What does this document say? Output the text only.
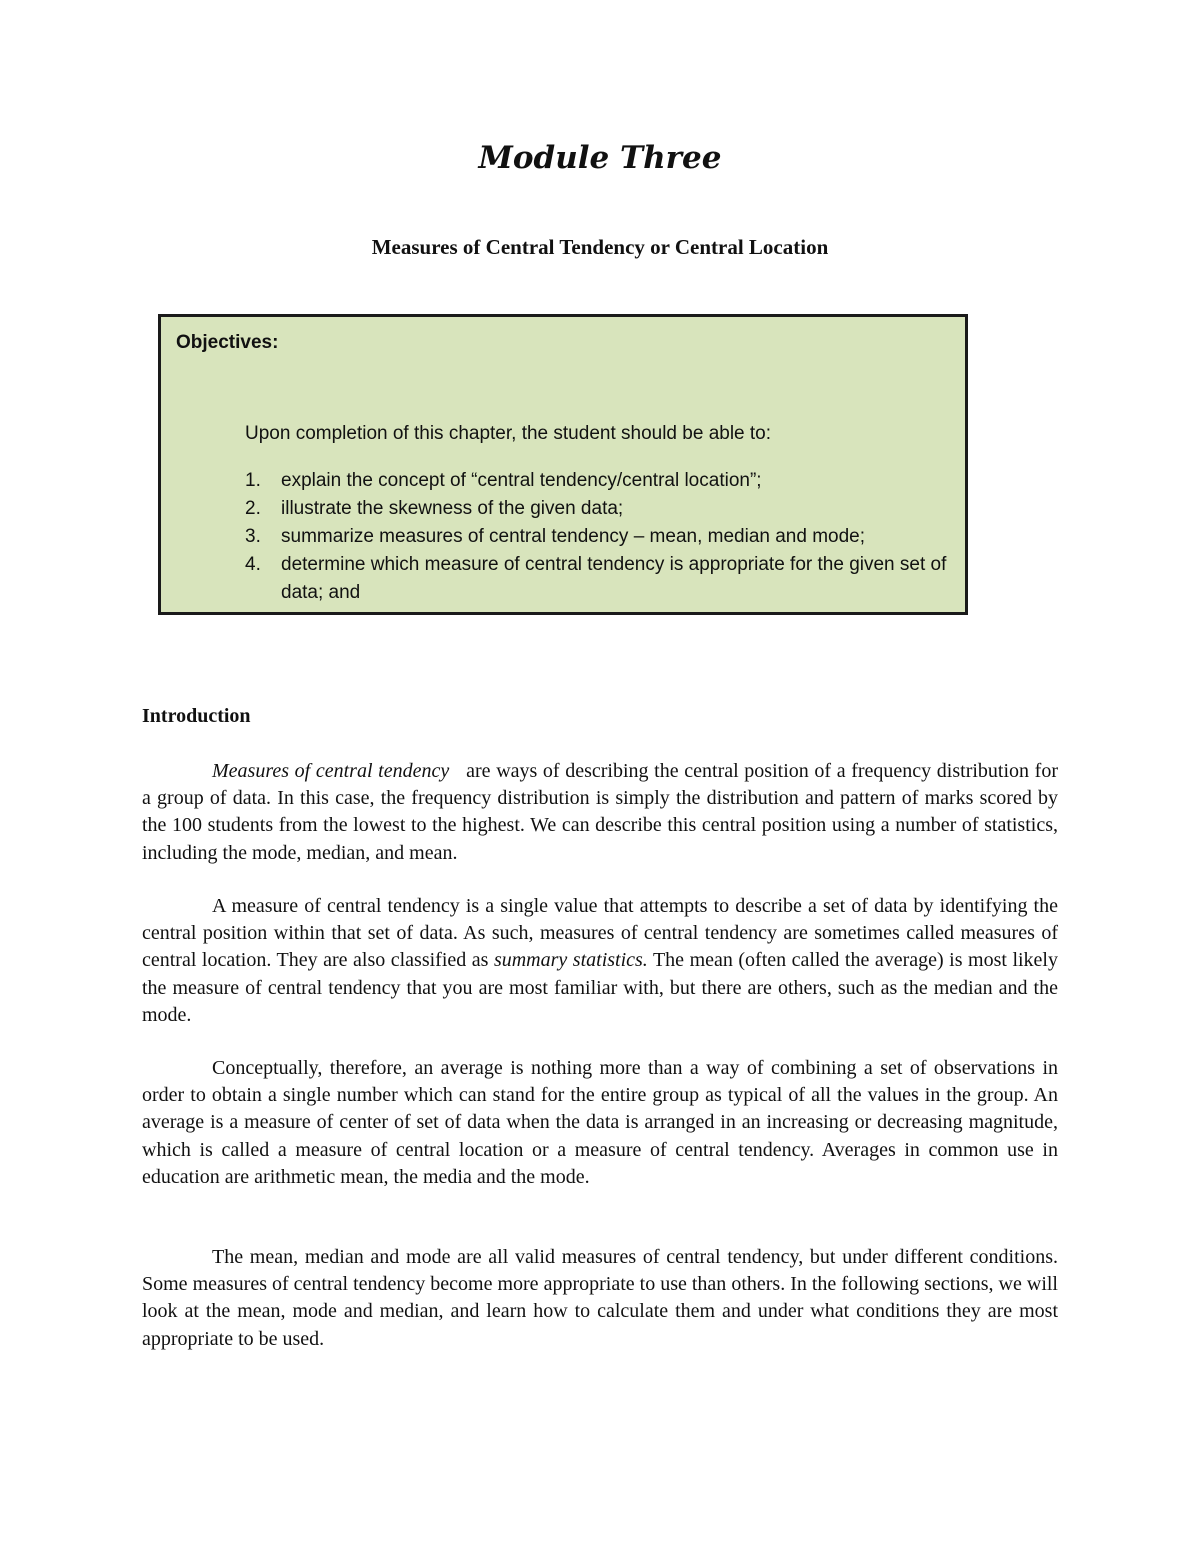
Module Three
Measures of Central Tendency or Central Location

Objectives:

Upon completion of this chapter, the student should be able to:

1.	explain the concept of “central tendency/central location”;
2.	illustrate the skewness of the given data;
3.	summarize measures of central tendency – mean, median and mode;
4.	determine which measure of central tendency is appropriate for the given set of data; and
Introduction

Measures of central tendency   are ways of describing the central position of a frequency distribution for a group of data. In this case, the frequency distribution is simply the distribution and pattern of marks scored by the 100 students from the lowest to the highest. We can describe this central position using a number of statistics, including the mode, median, and mean.

A measure of central tendency is a single value that attempts to describe a set of data by identifying the central position within that set of data. As such, measures of central tendency are sometimes called measures of central location. They are also classified as summary statistics. The mean (often called the average) is most likely the measure of central tendency that you are most familiar with, but there are others, such as the median and the mode.

Conceptually, therefore, an average is nothing more than a way of combining a set of observations in order to obtain a single number which can stand for the entire group as typical of all the values in the group. An average is a measure of center of set of data when the data is arranged in an increasing or decreasing magnitude, which is called a measure of central location or a measure of central tendency. Averages in common use in education are arithmetic mean, the media and the mode.

The mean, median and mode are all valid measures of central tendency, but under different conditions. Some measures of central tendency become more appropriate to use than others. In the following sections, we will look at the mean, mode and median, and learn how to calculate them and under what conditions they are most appropriate to be used.
